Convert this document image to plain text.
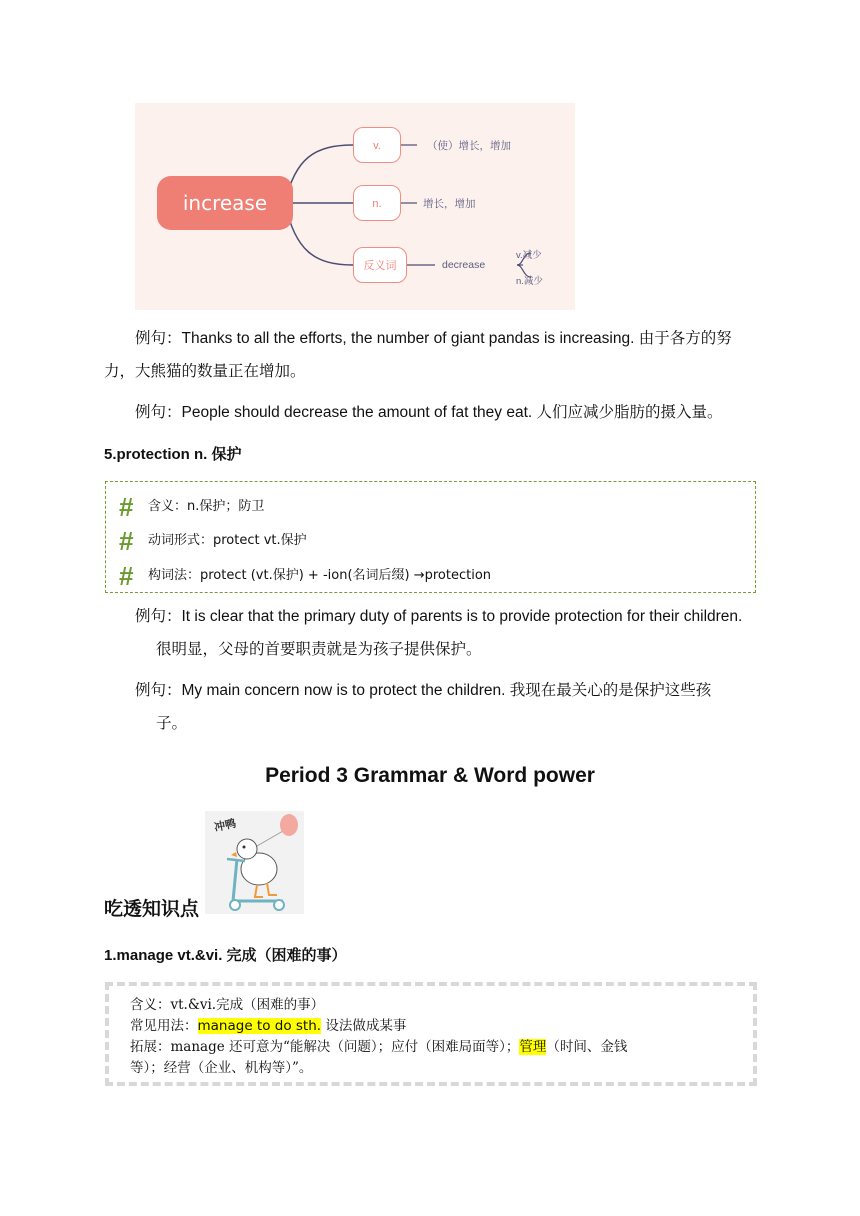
increase
v.	（使）增长，增加
n.	增长，增加
反义词	decrease
v.减少
n.减少
例句：Thanks to all the efforts, the number of giant pandas is increasing. 由于各方的努
力，大熊猫的数量正在增加。
例句：People should decrease the amount of fat they eat. 人们应减少脂肪的摄入量。
5.protection n. 保护
# 含义：n.保护；防卫
# 动词形式：protect vt.保护
# 构词法：protect (vt.保护) + -ion(名词后缀) →protection
例句：It is clear that the primary duty of parents is to provide protection for their children.
很明显，父母的首要职责就是为孩子提供保护。
例句：My main concern now is to protect the children. 我现在最关心的是保护这些孩
子。
Period 3 Grammar & Word power
冲鸭
吃透知识点
1.manage vt.&vi. 完成（困难的事）
含义：vt.&vi.完成（困难的事）
常见用法：manage to do sth. 设法做成某事
拓展：manage 还可意为“能解决（问题）；应付（困难局面等）；管理（时间、金钱
等）；经营（企业、机构等）”。
